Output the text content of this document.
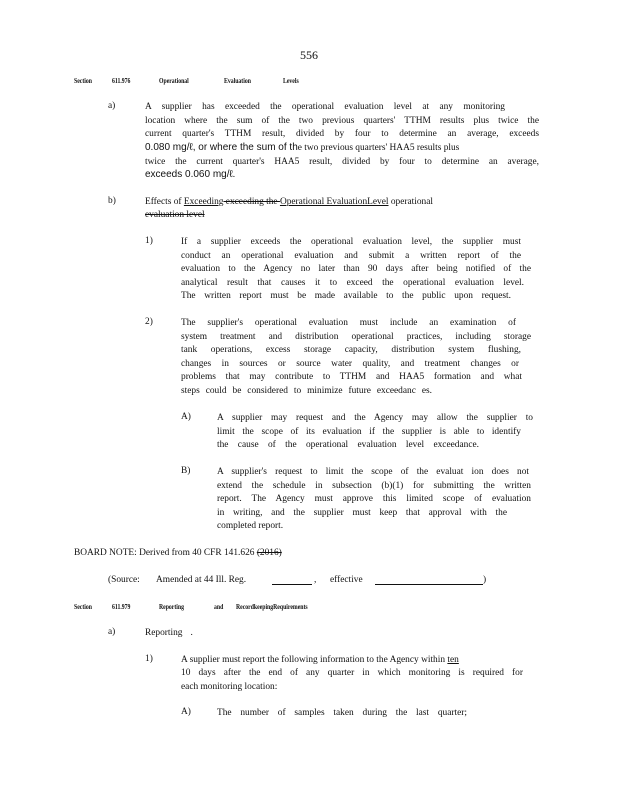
556
Section	611.976	Operational	Evaluation	Levels
a)	A supplier has exceeded the operational evaluation level at any monitoring
location where the sum of the two previous quarters' TTHM results plus twice the
current quarter's TTHM result, divided by four to determine an average, exceeds
0.080 mg/ℓ, or where the sum of the two previous quarters' HAA5 results plus
twice the current quarter's HAA5 result, divided by four to determine an average,
exceeds 0.060 mg/ℓ.
b)	Effects of Exceeding exceeding the Operational EvaluationLevel operational
evaluation level
1)	If a supplier exceeds the operational evaluation level, the supplier must
conduct an operational evaluation and submit a written report of the
evaluation to the Agency no later than 90 days after being notified of the
analytical result that causes it to exceed the operational evaluation level.
The written report must be made available to the public upon request.
2)	The supplier's operational evaluation must include an examination of
system treatment and distribution operational practices, including storage
tank operations, excess storage capacity, distribution system flushing,
changes in sources or source water quality, and treatment changes or
problems that may contribute to TTHM and HAA5 formation and what
steps could be considered to minimize future exceedanc es.
A)	A supplier may request and the Agency may allow the supplier to
limit the scope of its evaluation if the supplier is able to identify
the cause of the operational evaluation level exceedance.
B)	A supplier's request to limit the scope of the evaluat ion does not
extend the schedule in subsection (b)(1) for submitting the written
report. The Agency must approve this limited scope of evaluation
in writing, and the supplier must keep that approval with the
completed report.
BOARD NOTE: Derived from 40 CFR 141.626 (2016)
(Source: Amended at 44 Ill. Reg.	, effective	)
Section	611.979	Reporting	and RecordkeepingRequirements
a)	Reporting .
1)	A supplier must report the following information to the Agency within ten
10 days after the end of any quarter in which monitoring is required for
each monitoring location:
A)	The number of samples taken during the last quarter;
